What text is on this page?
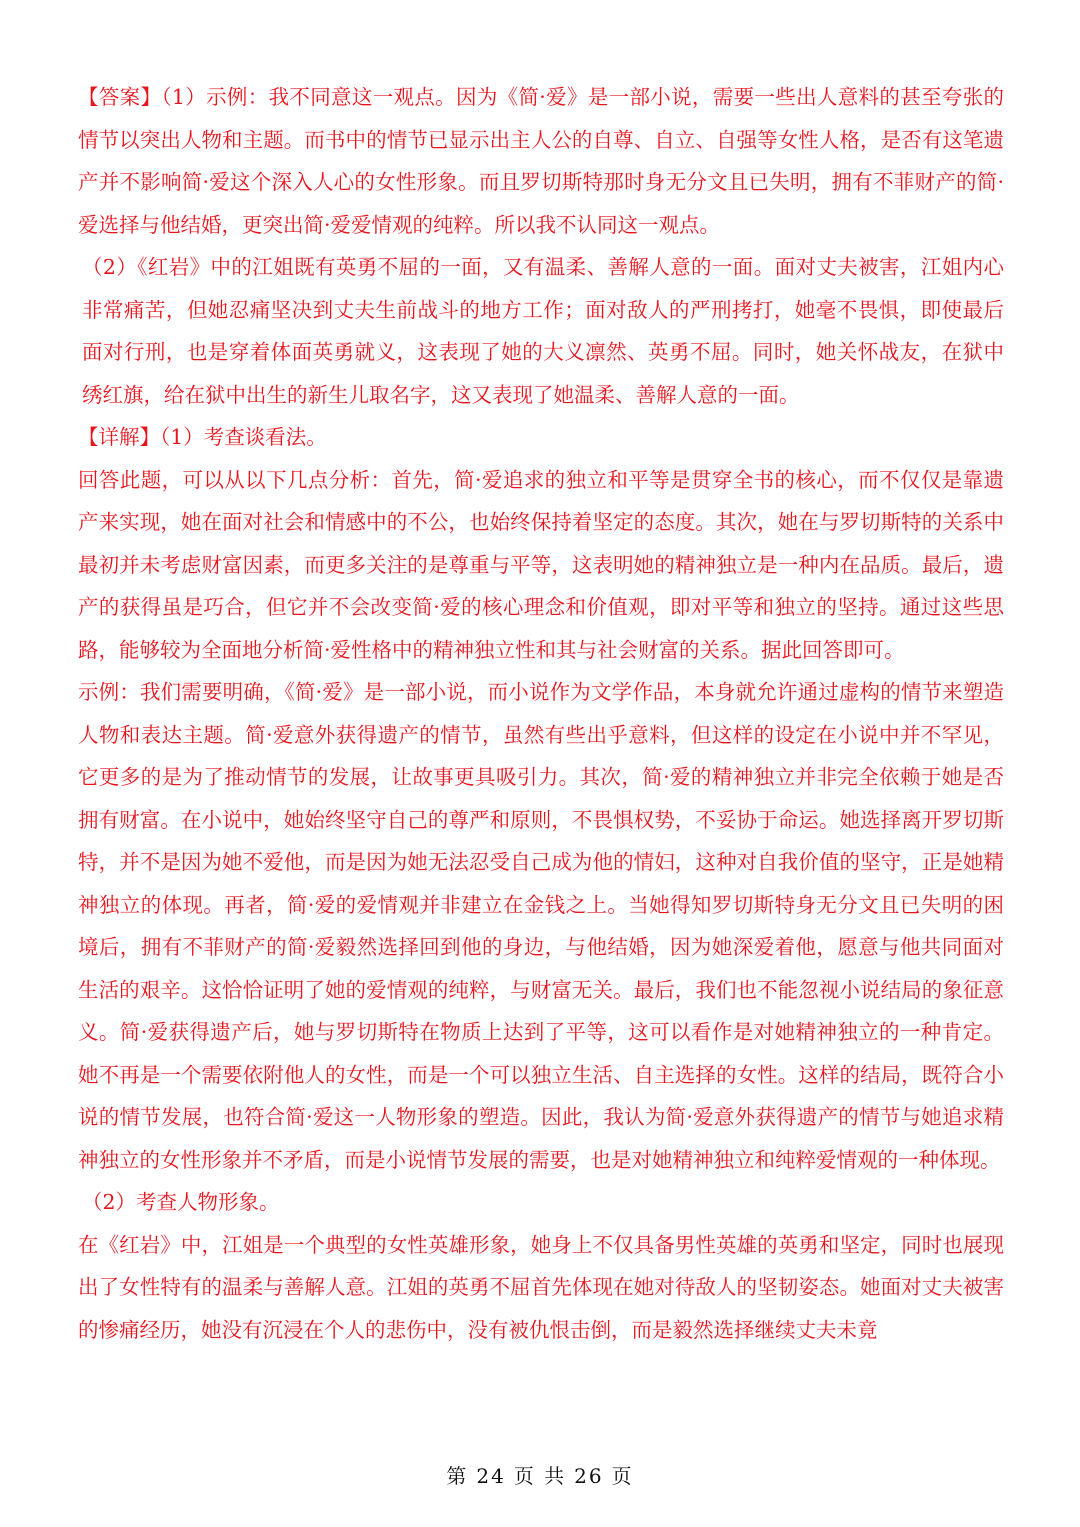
【答案】（1）示例：我不同意这一观点。因为《简·爱》是一部小说，需要一些出人意料的甚至夸张的情节以突出人物和主题。而书中的情节已显示出主人公的自尊、自立、自强等女性人格，是否有这笔遗产并不影响简·爱这个深入人心的女性形象。而且罗切斯特那时身无分文且已失明，拥有不菲财产的简·爱选择与他结婚，更突出简·爱爱情观的纯粹。所以我不认同这一观点。

（2）《红岩》中的江姐既有英勇不屈的一面，又有温柔、善解人意的一面。面对丈夫被害，江姐内心非常痛苦，但她忍痛坚决到丈夫生前战斗的地方工作；面对敌人的严刑拷打，她毫不畏惧，即使最后面对行刑，也是穿着体面英勇就义，这表现了她的大义凛然、英勇不屈。同时，她关怀战友，在狱中绣红旗，给在狱中出生的新生儿取名字，这又表现了她温柔、善解人意的一面。

【详解】（1）考查谈看法。

回答此题，可以从以下几点分析：首先，简·爱追求的独立和平等是贯穿全书的核心，而不仅仅是靠遗产来实现，她在面对社会和情感中的不公，也始终保持着坚定的态度。其次，她在与罗切斯特的关系中最初并未考虑财富因素，而更多关注的是尊重与平等，这表明她的精神独立是一种内在品质。最后，遗产的获得虽是巧合，但它并不会改变简·爱的核心理念和价值观，即对平等和独立的坚持。通过这些思路，能够较为全面地分析简·爱性格中的精神独立性和其与社会财富的关系。据此回答即可。

示例：我们需要明确，《简·爱》是一部小说，而小说作为文学作品，本身就允许通过虚构的情节来塑造人物和表达主题。简·爱意外获得遗产的情节，虽然有些出乎意料，但这样的设定在小说中并不罕见，它更多的是为了推动情节的发展，让故事更具吸引力。其次，简·爱的精神独立并非完全依赖于她是否拥有财富。在小说中，她始终坚守自己的尊严和原则，不畏惧权势，不妥协于命运。她选择离开罗切斯特，并不是因为她不爱他，而是因为她无法忍受自己成为他的情妇，这种对自我价值的坚守，正是她精神独立的体现。再者，简·爱的爱情观并非建立在金钱之上。当她得知罗切斯特身无分文且已失明的困境后，拥有不菲财产的简·爱毅然选择回到他的身边，与他结婚，因为她深爱着他，愿意与他共同面对生活的艰辛。这恰恰证明了她的爱情观的纯粹，与财富无关。最后，我们也不能忽视小说结局的象征意义。简·爱获得遗产后，她与罗切斯特在物质上达到了平等，这可以看作是对她精神独立的一种肯定。她不再是一个需要依附他人的女性，而是一个可以独立生活、自主选择的女性。这样的结局，既符合小说的情节发展，也符合简·爱这一人物形象的塑造。因此，我认为简·爱意外获得遗产的情节与她追求精神独立的女性形象并不矛盾，而是小说情节发展的需要，也是对她精神独立和纯粹爱情观的一种体现。

（2）考查人物形象。

在《红岩》中，江姐是一个典型的女性英雄形象，她身上不仅具备男性英雄的英勇和坚定，同时也展现出了女性特有的温柔与善解人意。江姐的英勇不屈首先体现在她对待敌人的坚韧姿态。她面对丈夫被害的惨痛经历，她没有沉浸在个人的悲伤中，没有被仇恨击倒，而是毅然选择继续丈夫未竟

第 24 页 共 26 页
